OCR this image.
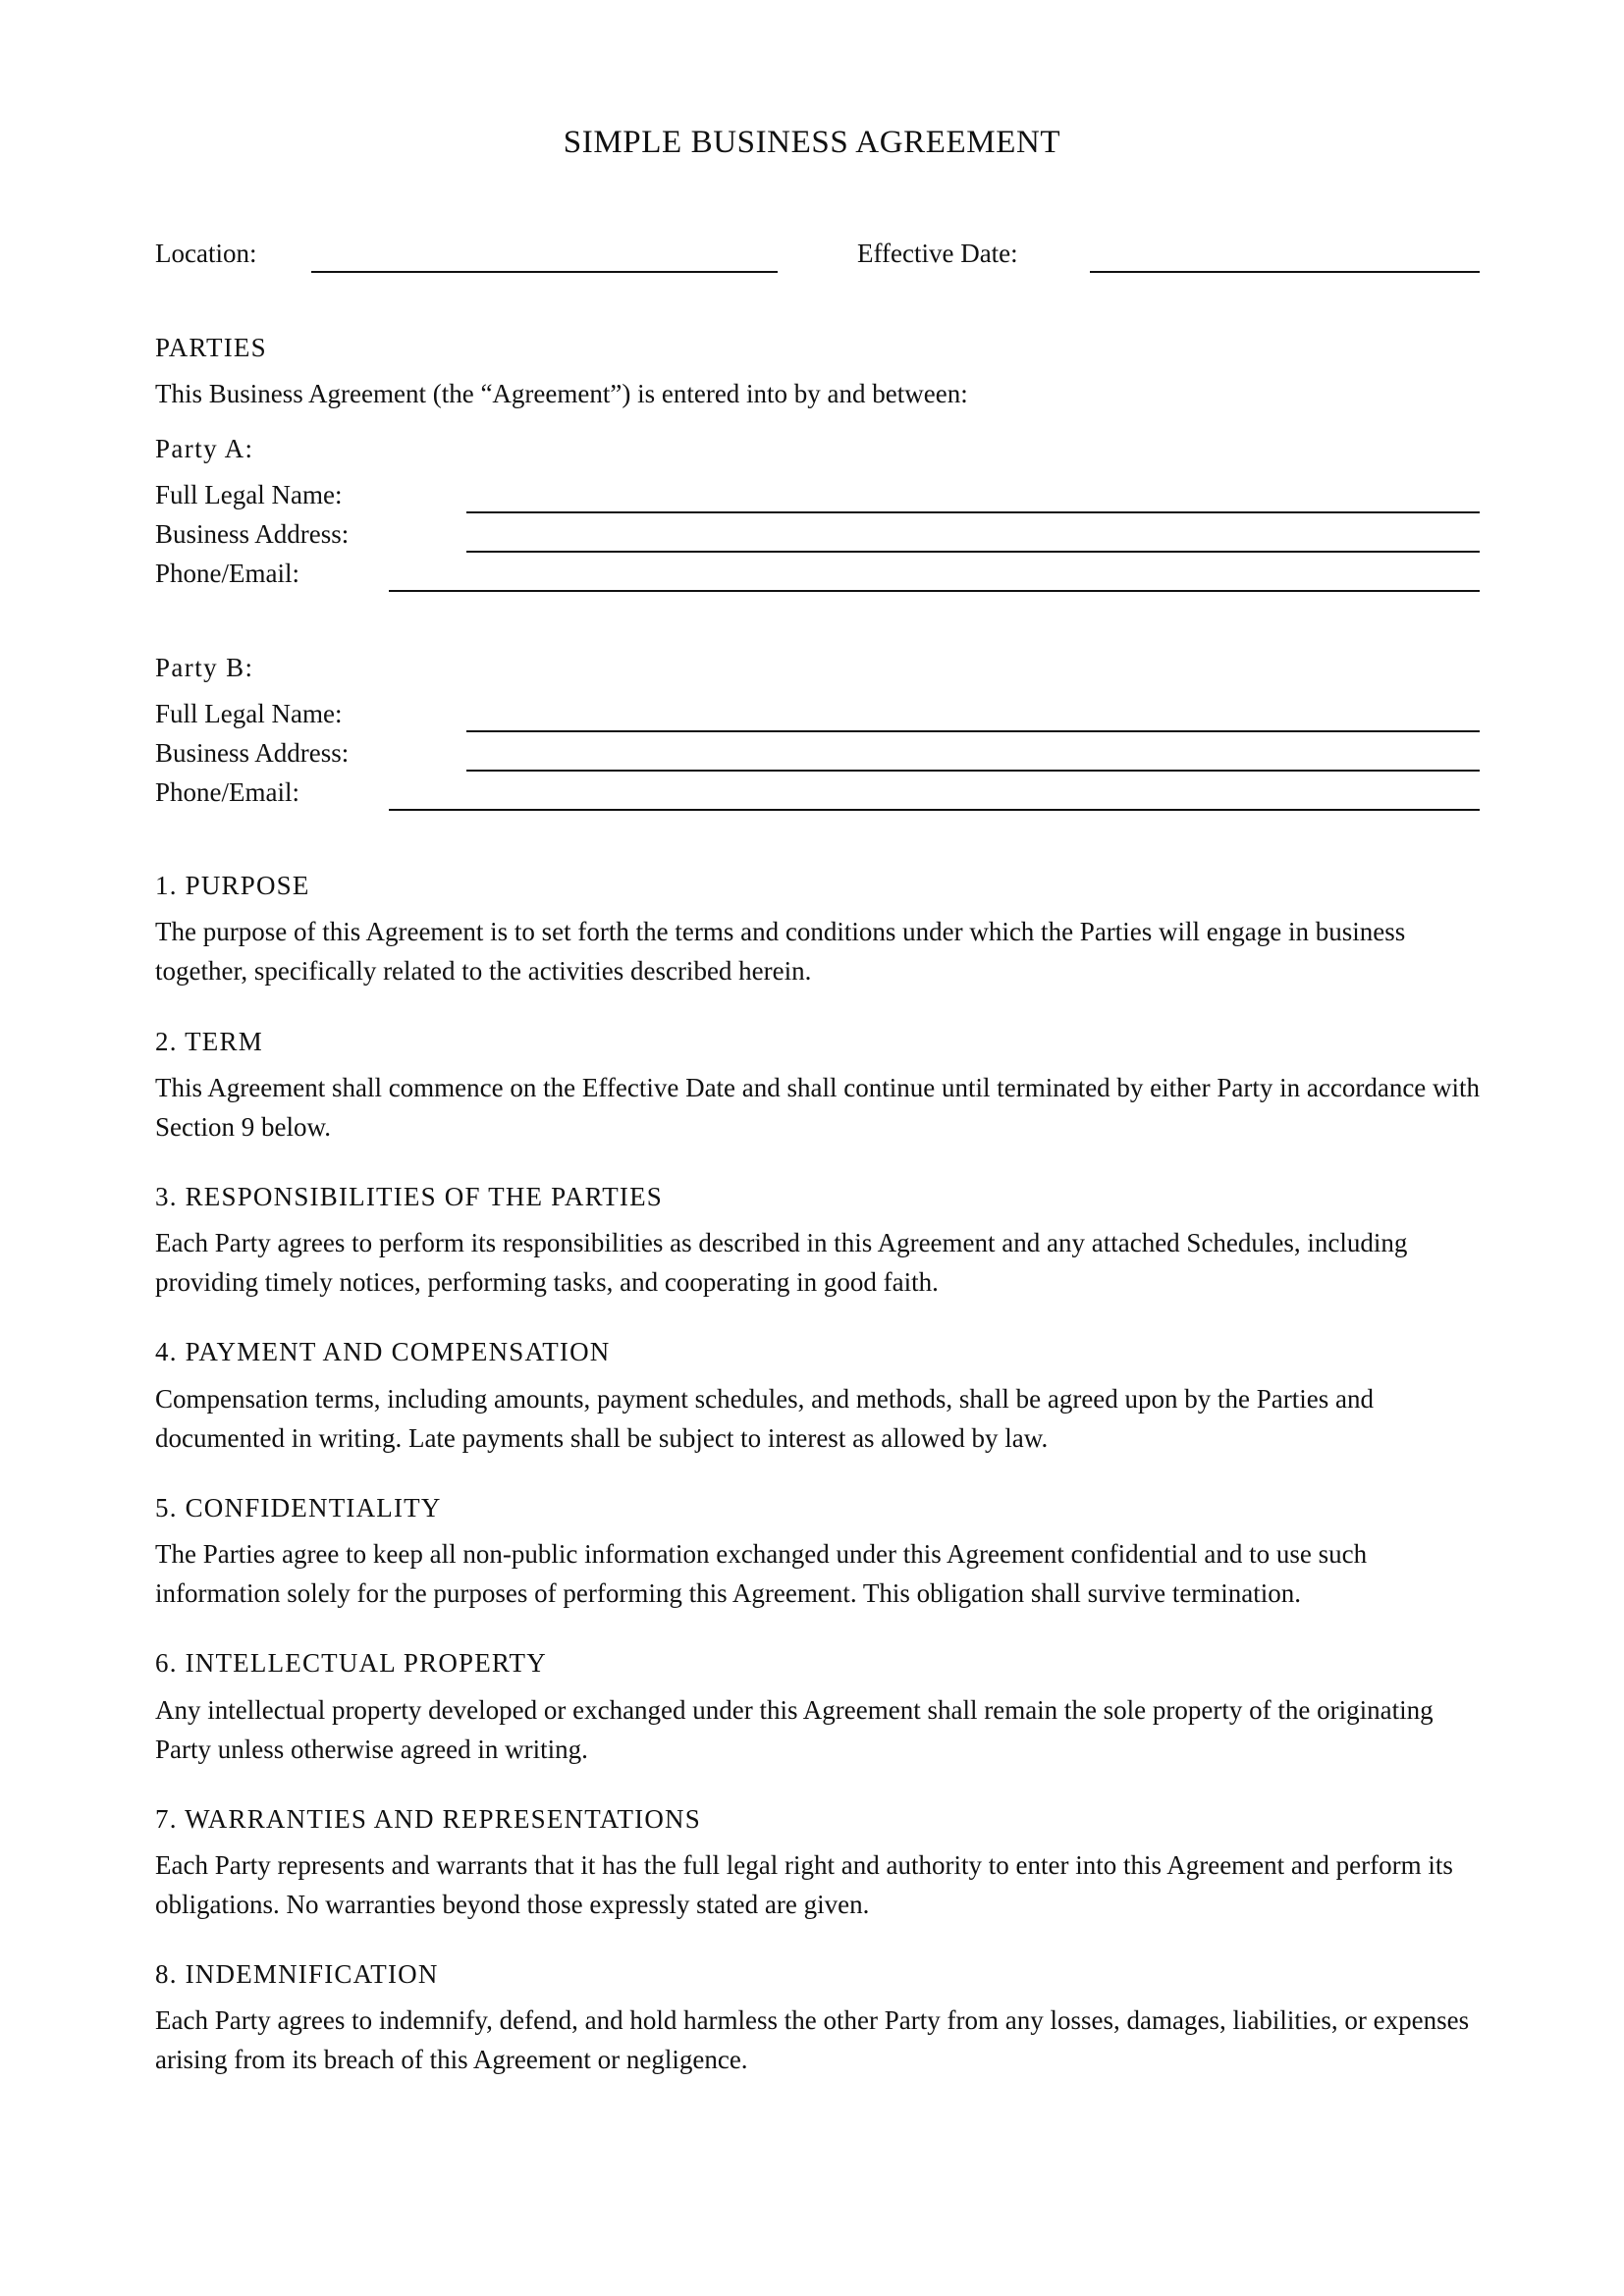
SIMPLE BUSINESS AGREEMENT
Location:	Effective Date:
PARTIES
This Business Agreement (the “Agreement”) is entered into by and between:
Party A:
Full Legal Name:
Business Address:
Phone/Email:
Party B:
Full Legal Name:
Business Address:
Phone/Email:
1. PURPOSE
The purpose of this Agreement is to set forth the terms and conditions under which the Parties will engage in business together, specifically related to the activities described herein.
2. TERM
This Agreement shall commence on the Effective Date and shall continue until terminated by either Party in accordance with Section 9 below.
3. RESPONSIBILITIES OF THE PARTIES
Each Party agrees to perform its responsibilities as described in this Agreement and any attached Schedules, including providing timely notices, performing tasks, and cooperating in good faith.
4. PAYMENT AND COMPENSATION
Compensation terms, including amounts, payment schedules, and methods, shall be agreed upon by the Parties and documented in writing. Late payments shall be subject to interest as allowed by law.
5. CONFIDENTIALITY
The Parties agree to keep all non-public information exchanged under this Agreement confidential and to use such information solely for the purposes of performing this Agreement. This obligation shall survive termination.
6. INTELLECTUAL PROPERTY
Any intellectual property developed or exchanged under this Agreement shall remain the sole property of the originating Party unless otherwise agreed in writing.
7. WARRANTIES AND REPRESENTATIONS
Each Party represents and warrants that it has the full legal right and authority to enter into this Agreement and perform its obligations. No warranties beyond those expressly stated are given.
8. INDEMNIFICATION
Each Party agrees to indemnify, defend, and hold harmless the other Party from any losses, damages, liabilities, or expenses arising from its breach of this Agreement or negligence.
